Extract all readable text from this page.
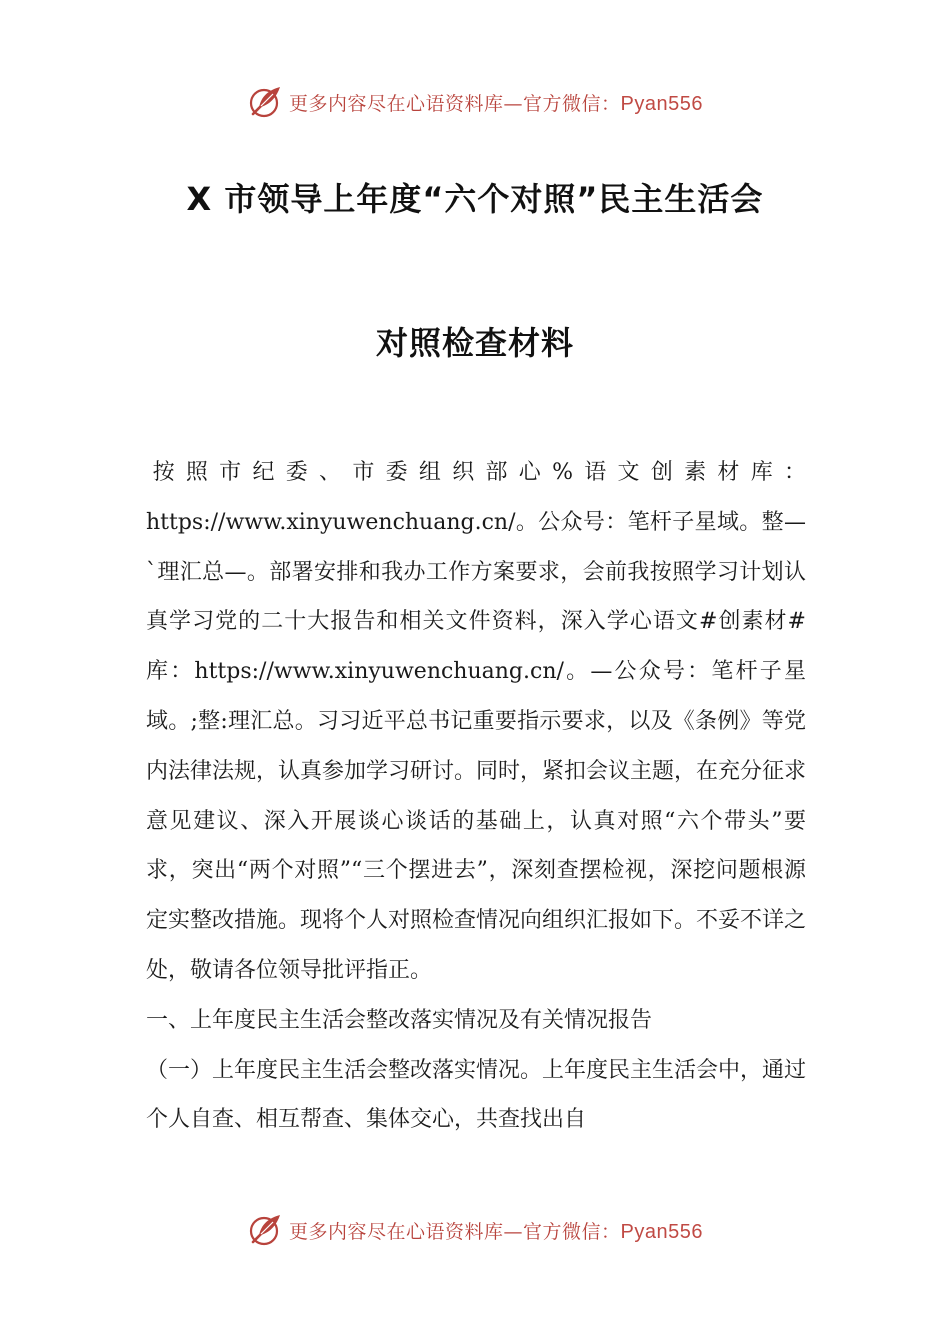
更多内容尽在心语资料库—官方微信：Pyan556
X 市领导上年度“六个对照”民主生活会
对照检查材料

按照市纪委、市委组织部心%语文创素材库：https://www.xinyuwenchuang.cn/。公众号：笔杆子星域。整—`理汇总—。部署安排和我办工作方案要求，会前我按照学习计划认真学习党的二十大报告和相关文件资料，深入学心语文#创素材#库：https://www.xinyuwenchuang.cn/。—公众号：笔杆子星域。;整:理汇总。习习近平总书记重要指示要求，以及《条例》等党内法律法规，认真参加学习研讨。同时，紧扣会议主题，在充分征求意见建议、深入开展谈心谈话的基础上，认真对照“六个带头”要求，突出“两个对照”“三个摆进去”，深刻查摆检视，深挖问题根源定实整改措施。现将个人对照检查情况向组织汇报如下。不妥不详之处，敬请各位领导批评指正。

一、上年度民主生活会整改落实情况及有关情况报告

（一）上年度民主生活会整改落实情况。上年度民主生活会中，通过个人自查、相互帮查、集体交心，共查找出自

更多内容尽在心语资料库—官方微信：Pyan556
